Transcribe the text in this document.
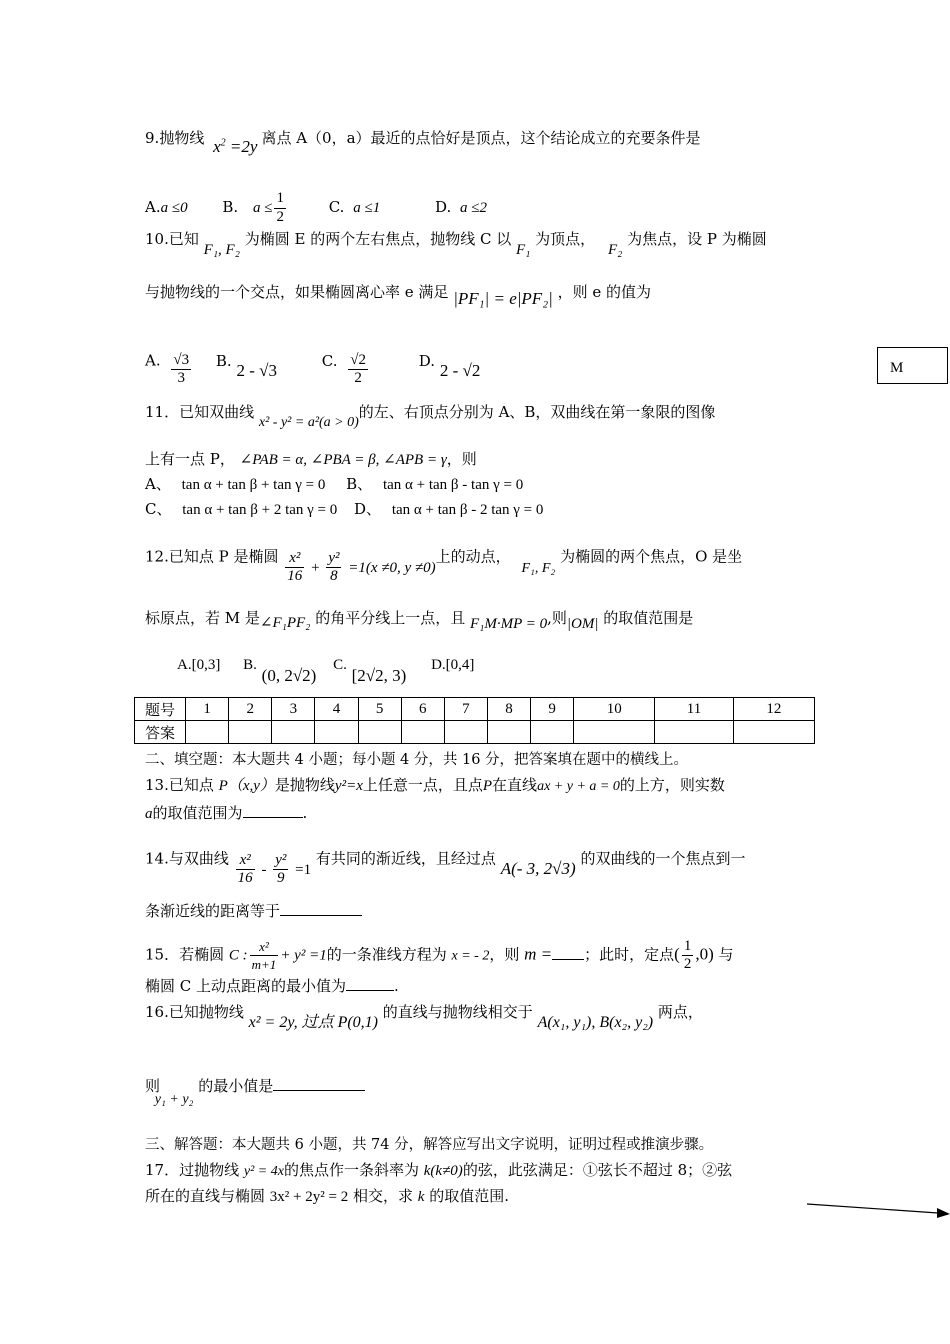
9.抛物线 $x^2 =2y$ 离点 A（0，a）最近的点恰好是顶点，这个结论成立的充要条件是
A.a ≤0 B. $a \le \frac{1}{2}$	C. a ≤1	D. a ≤2
10.已知 F₁, F₂ 为椭圆 E 的两个左右焦点，抛物线 C 以 F₁ 为顶点， F₂ 为焦点，设 P 为椭圆
与抛物线的一个交点，如果椭圆离心率 e 满足 |PF₁| = e|PF₂| ，则 e 的值为
A. $\frac{√3}{3} B$. 2 - √3	C. $\frac{√2}{2}$	D. 2 - √2	M
11．已知双曲线 x² - y² = a²(a > 0)的左、右顶点分别为 A、B，双曲线在第一象限的图像
上有一点 P， ∠PAB = α, ∠PBA = β, ∠APB = γ，则
A、 tan α + tan β + tan γ = 0 B、 tan α + tan β - tan γ = 0
C、 tan α + tan β + 2 tan γ = 0 D、 tan α + tan β - 2 tan γ = 0
12.已知点 P 是椭圆 $\frac{\text{x²}}{16} + \frac{\text{y²}}{8} =1(x \ne 0$, y ≠0)上的动点， F₁, F₂ 为椭圆的两个焦点，O 是坐
标原点，若 M 是∠F₁PF₂ 的角平分线上一点，且 F₁M·MP = 0,则|OM| 的取值范围是
A.[0,3] B. (0, 2√2) C. [2√2, 3) D.[0,4]
题号	1	2	3	4	5	6	7	8	9	10	11	12
答案												
二、填空题：本大题共 4 小题；每小题 4 分，共 16 分，把答案填在题中的横线上。
13.已知点 P（x,y）是抛物线y²=x上任意一点，且点P在直线ax + y + a = 0的上方，则实数
a的取值范围为	.
14.与双曲线 $\frac{\text{x²}}{16} - \frac{\text{y²}}{9} =1$ 有共同的渐近线，且经过点 A(- 3, 2√3) 的双曲线的一个焦点到一
条渐近线的距离等于
15．若椭圆 C : $\frac{\text{x²}}{m+1} + y^2 =1$的一条准线方程为 x = - 2，则 m = ；此时，定点( $\frac{1}{2} ,0$) 与
椭圆 C 上动点距离的最小值为	.
16.已知抛物线 x² = 2y, 过点 P(0,1) 的直线与抛物线相交于 A(x₁, y₁), B(x₂, y₂) 两点，
则 y₁ + y₂ 的最小值是
三、解答题：本大题共 6 小题，共 74 分，解答应写出文字说明，证明过程或推演步骤。
17．过抛物线 y² = 4x的焦点作一条斜率为 k(k≠0)的弦，此弦满足：①弦长不超过 8；②弦
所在的直线与椭圆 3x² + 2y² = 2 相交，求 k 的取值范围.
